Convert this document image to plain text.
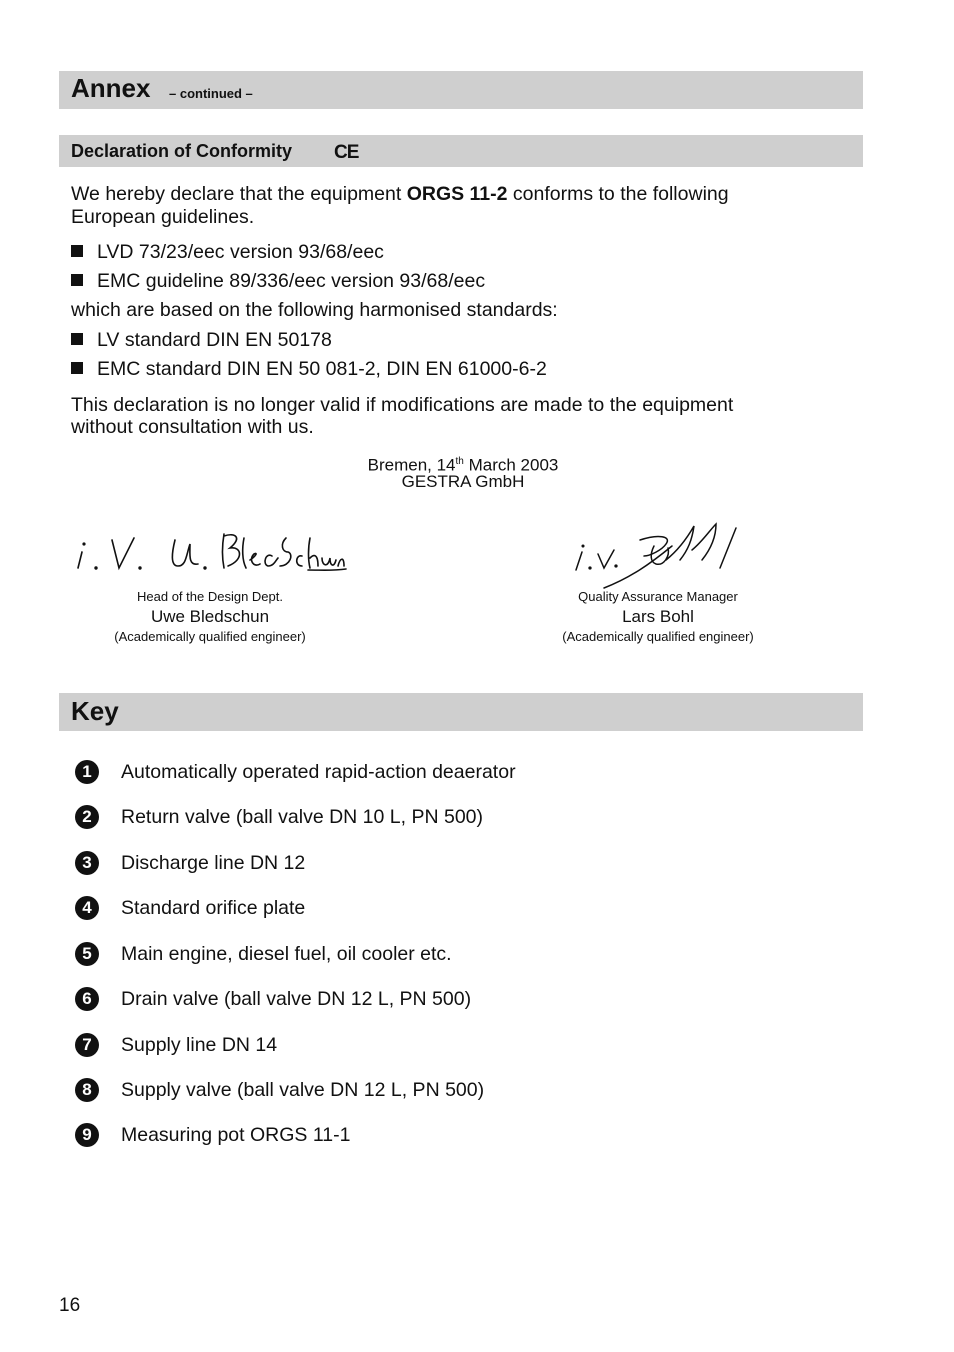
Annex – continued –
Declaration of Conformity CE
We hereby declare that the equipment ORGS 11-2 conforms to the following
European guidelines.
LVD 73/23/eec version 93/68/eec
EMC guideline 89/336/eec version 93/68/eec
which are based on the following harmonised standards:
LV standard DIN EN 50178
EMC standard DIN EN 50 081-2, DIN EN 61000-6-2
This declaration is no longer valid if modifications are made to the equipment
without consultation with us.
Bremen, 14th March 2003
GESTRA GmbH
Head of the Design Dept.
Uwe Bledschun
(Academically qualified engineer)
Quality Assurance Manager
Lars Bohl
(Academically qualified engineer)
Key
1	Automatically operated rapid-action deaerator
2	Return valve (ball valve DN 10 L, PN 500)
3	Discharge line DN 12
4	Standard orifice plate
5	Main engine, diesel fuel, oil cooler etc.
6	Drain valve (ball valve DN 12 L, PN 500)
7	Supply line DN 14
8	Supply valve (ball valve DN 12 L, PN 500)
9	Measuring pot ORGS 11-1
16
